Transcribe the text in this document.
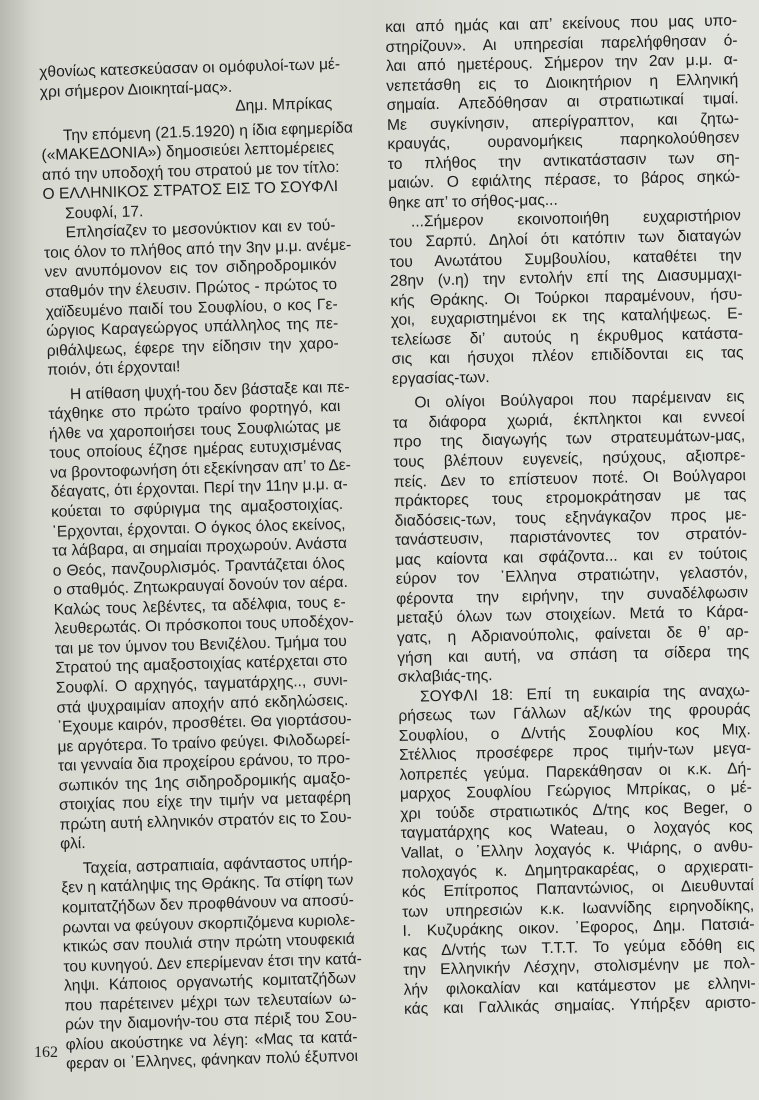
χθονίως κατεσκεύασαν οι ομόφυλοί-των μέ-
χρι σήμερον Διοικηταί-μας».
Δημ. Μπρίκας
Την επόμενη (21.5.1920) η ίδια εφημερίδα
(«ΜΑΚΕΔΟΝΙΑ») δημοσιεύει λεπτομέρειες
από την υποδοχή του στρατού με τον τίτλο:
Ο ΕΛΛΗΝΙΚΟΣ ΣΤΡΑΤΟΣ ΕΙΣ ΤΟ ΣΟΥΦΛΙ
Σουφλί, 17.
Επλησίαζεν το μεσονύκτιον και εν τού-
τοις όλον το πλήθος από την 3ην μ.μ. ανέμε-
νεν ανυπόμονον εις τον σιδηροδρομικόν
σταθμόν την έλευσιν. Πρώτος - πρώτος το
χαϊδευμένο παιδί του Σουφλίου, ο κος Γε-
ώργιος Καραγεώργος υπάλληλος της πε-
ριθάλψεως, έφερε την είδησιν την χαρο-
ποιόν, ότι έρχονται!
Η ατίθαση ψυχή-του δεν βάσταξε και πε-
τάχθηκε στο πρώτο τραίνο φορτηγό, και
ήλθε να χαροποιήσει τους Σουφλιώτας με
τους οποίους έζησε ημέρας ευτυχισμένας
να βροντοφωνήση ότι εξεκίνησαν απ’ το Δε-
δέαγατς, ότι έρχονται. Περί την 11ην μ.μ. α-
κούεται το σφύριγμα της αμαξοστοιχίας.
᾽Ερχονται, έρχονται. Ο όγκος όλος εκείνος,
τα λάβαρα, αι σημαίαι προχωρούν. Ανάστα
ο Θεός, πανζουρλισμός. Τραντάζεται όλος
ο σταθμός. Ζητωκραυγαί δονούν τον αέρα.
Καλώς τους λεβέντες, τα αδέλφια, τους ε-
λευθερωτάς. Οι πρόσκοποι τους υποδέχον-
ται με τον ύμνον του Βενιζέλου. Τμήμα του
Στρατού της αμαξοστοιχίας κατέρχεται στο
Σουφλί. Ο αρχηγός, ταγματάρχης.., συνι-
στά ψυχραιμίαν αποχήν από εκδηλώσεις.
᾽Εχουμε καιρόν, προσθέτει. Θα γιορτάσου-
με αργότερα. Το τραίνο φεύγει. Φιλοδωρεί-
ται γενναία δια προχείρου εράνου, το προ-
σωπικόν της 1ης σιδηροδρομικής αμαξο-
στοιχίας που είχε την τιμήν να μεταφέρη
πρώτη αυτή ελληνικόν στρατόν εις το Σου-
φλί.
Ταχεία, αστραπιαία, αφάνταστος υπήρ-
ξεν η κατάληψις της Θράκης. Τα στίφη των
κομιτατζήδων δεν προφθάνουν να αποσύ-
ρωνται να φεύγουν σκορπιζόμενα κυριολε-
κτικώς σαν πουλιά στην πρώτη ντουφεκιά
του κυνηγού. Δεν επερίμεναν έτσι την κατά-
ληψι. Κάποιος οργανωτής κομιτατζήδων
που παρέτεινεν μέχρι των τελευταίων ω-
ρών την διαμονήν-του στα πέριξ του Σου-
φλίου ακούστηκε να λέγη: «Μας τα κατά-
φεραν οι ᾽Ελληνες, φάνηκαν πολύ έξυπνοι
και από ημάς και απ’ εκείνους που μας υπο-
στηρίζουν». Αι υπηρεσίαι παρελήφθησαν ό-
λαι από ημετέρους. Σήμερον την 2αν μ.μ. α-
νεπετάσθη εις το Διοικητήριον η Ελληνική
σημαία. Απεδόθησαν αι στρατιωτικαί τιμαί.
Με συγκίνησιν, απερίγραπτον, και ζητω-
κραυγάς, ουρανομήκεις παρηκολούθησεν
το πλήθος την αντικατάστασιν των ση-
μαιών. Ο εφιάλτης πέρασε, το βάρος σηκώ-
θηκε απ’ το σήθος-μας...
...Σήμερον εκοινοποιήθη ευχαριστήριον
του Σαρπύ. Δηλοί ότι κατόπιν των διαταγών
του Ανωτάτου Συμβουλίου, καταθέτει την
28ην (ν.η) την εντολήν επί της Διασυμμαχι-
κής Θράκης. Οι Τούρκοι παραμένουν, ήσυ-
χοι, ευχαριστημένοι εκ της καταλήψεως. Ε-
τελείωσε δι’ αυτούς η έκρυθμος κατάστα-
σις και ήσυχοι πλέον επιδίδονται εις τας
εργασίας-των.
Οι ολίγοι Βούλγαροι που παρέμειναν εις
τα διάφορα χωριά, έκπληκτοι και εννεοί
προ της διαγωγής των στρατευμάτων-μας,
τους βλέπουν ευγενείς, ησύχους, αξιοπρε-
πείς. Δεν το επίστευον ποτέ. Οι Βούλγαροι
πράκτορες τους ετρομοκράτησαν με τας
διαδόσεις-των, τους εξηνάγκαζον προς με-
τανάστευσιν, παριστάνοντες τον στρατόν-
μας καίοντα και σφάζοντα... και εν τούτοις
εύρον τον ᾽Ελληνα στρατιώτην, γελαστόν,
φέροντα την ειρήνην, την συναδέλφωσιν
μεταξύ όλων των στοιχείων. Μετά το Κάρα-
γατς, η Αδριανούπολις, φαίνεται δε θ’ αρ-
γήση και αυτή, να σπάση τα σίδερα της
σκλαβιάς-της.
ΣΟΥΦΛΙ 18: Επί τη ευκαιρία της αναχω-
ρήσεως των Γάλλων αξ/κών της φρουράς
Σουφλίου, ο Δ/ντής Σουφλίου κος Μιχ.
Στέλλιος προσέφερε προς τιμήν-των μεγα-
λοπρεπές γεύμα. Παρεκάθησαν οι κ.κ. Δή-
μαρχος Σουφλίου Γεώργιος Μπρίκας, ο μέ-
χρι τούδε στρατιωτικός Δ/της κος Beger, ο
ταγματάρχης κος Wateau, ο λοχαγός κος
Vallat, ο ᾽Ελλην λοχαγός κ. Ψιάρης, ο ανθυ-
πολοχαγός κ. Δημητρακαρέας, ο αρχιερατι-
κός Επίτροπος Παπαντώνιος, οι Διευθυνταί
των υπηρεσιών κ.κ. Ιωαννίδης ειρηνοδίκης,
Ι. Κυζυράκης οικον. ᾽Εφορος, Δημ. Πατσιά-
κας Δ/ντής των Τ.Τ.Τ. Το γεύμα εδόθη εις
την Ελληνικήν Λέσχην, στολισμένην με πολ-
λήν φιλοκαλίαν και κατάμεστον με ελληνι-
κάς και Γαλλικάς σημαίας. Υπήρξεν αριστο-
162
